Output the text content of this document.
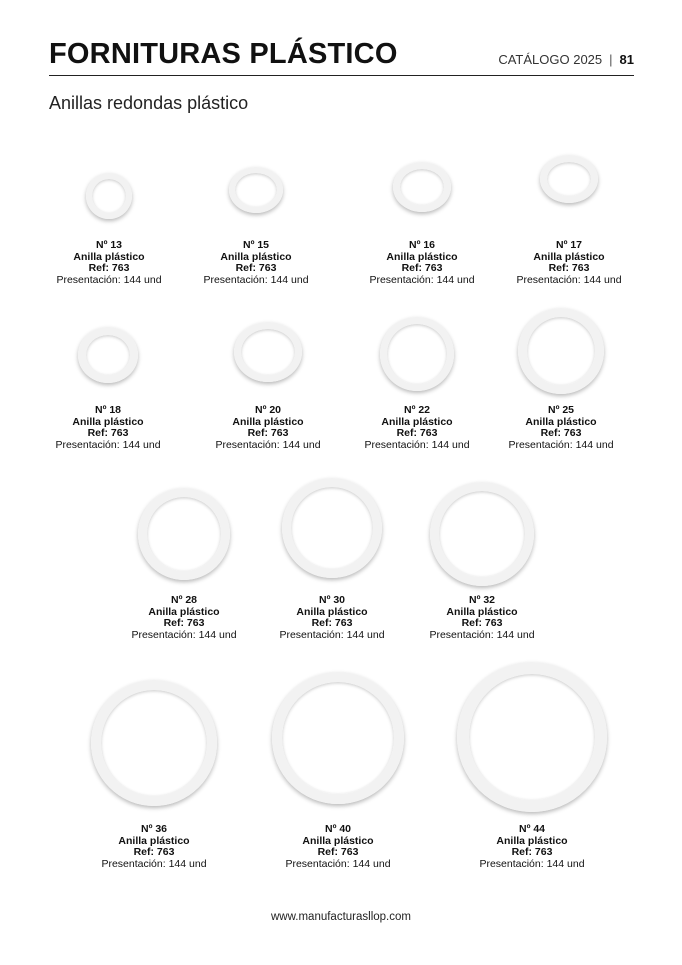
FORNITURAS PLÁSTICO	CATÁLOGO 2025 | 81
Anillas redondas plástico
Nº 13
Anilla plástico
Ref: 763
Presentación: 144 und
Nº 15
Anilla plástico
Ref: 763
Presentación: 144 und
Nº 16
Anilla plástico
Ref: 763
Presentación: 144 und
Nº 17
Anilla plástico
Ref: 763
Presentación: 144 und
Nº 18
Anilla plástico
Ref: 763
Presentación: 144 und
Nº 20
Anilla plástico
Ref: 763
Presentación: 144 und
Nº 22
Anilla plástico
Ref: 763
Presentación: 144 und
Nº 25
Anilla plástico
Ref: 763
Presentación: 144 und
Nº 28
Anilla plástico
Ref: 763
Presentación: 144 und
Nº 30
Anilla plástico
Ref: 763
Presentación: 144 und
Nº 32
Anilla plástico
Ref: 763
Presentación: 144 und
Nº 36
Anilla plástico
Ref: 763
Presentación: 144 und
Nº 40
Anilla plástico
Ref: 763
Presentación: 144 und
Nº 44
Anilla plástico
Ref: 763
Presentación: 144 und
www.manufacturasllop.com
